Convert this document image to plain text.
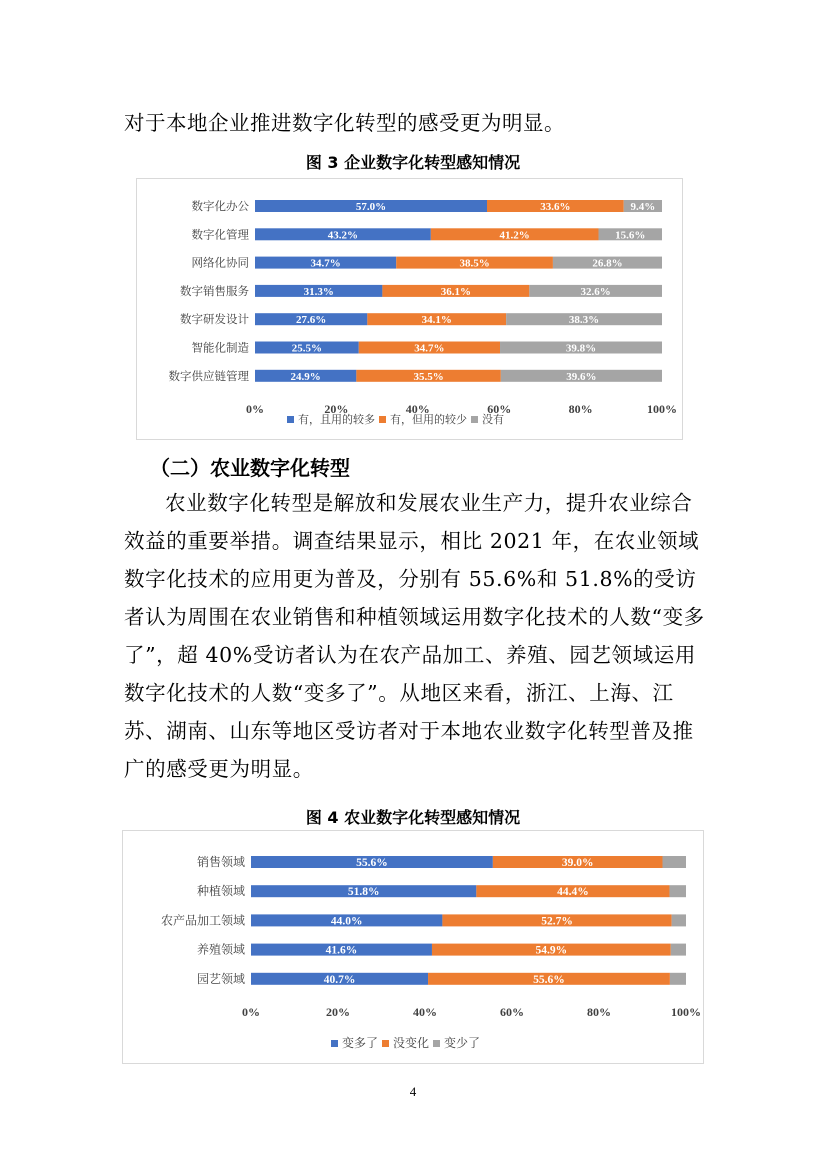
对于本地企业推进数字化转型的感受更为明显。
图 3 企业数字化转型感知情况
数字化办公	57.0%	33.6%	9.4%
数字化管理	43.2%	41.2%	15.6%
网络化协同	34.7%	38.5%	26.8%
数字销售服务	31.3%	36.1%	32.6%
数字研发设计	27.6%	34.1%	38.3%
智能化制造	25.5%	34.7%	39.8%
数字供应链管理	24.9%	35.5%	39.6%
0%	20%	40%	60%	80%	100%
有，且用的较多 有，但用的较少 没有
（二）农业数字化转型

农业数字化转型是解放和发展农业生产力，提升农业综合效益的重要举措。调查结果显示，相比 2021 年，在农业领域数字化技术的应用更为普及，分别有 55.6%和 51.8%的受访者认为周围在农业销售和种植领域运用数字化技术的人数“变多了”，超 40%受访者认为在农产品加工、养殖、园艺领域运用数字化技术的人数“变多了”。从地区来看，浙江、上海、江苏、湖南、山东等地区受访者对于本地农业数字化转型普及推广的感受更为明显。

图 4 农业数字化转型感知情况
销售领域	55.6%	39.0%
种植领域	51.8%	44.4%
农产品加工领域	44.0%	52.7%
养殖领域	41.6%	54.9%
园艺领域	40.7%	55.6%
0%	20%	40%	60%	80%	100%
变多了 没变化 变少了
4
